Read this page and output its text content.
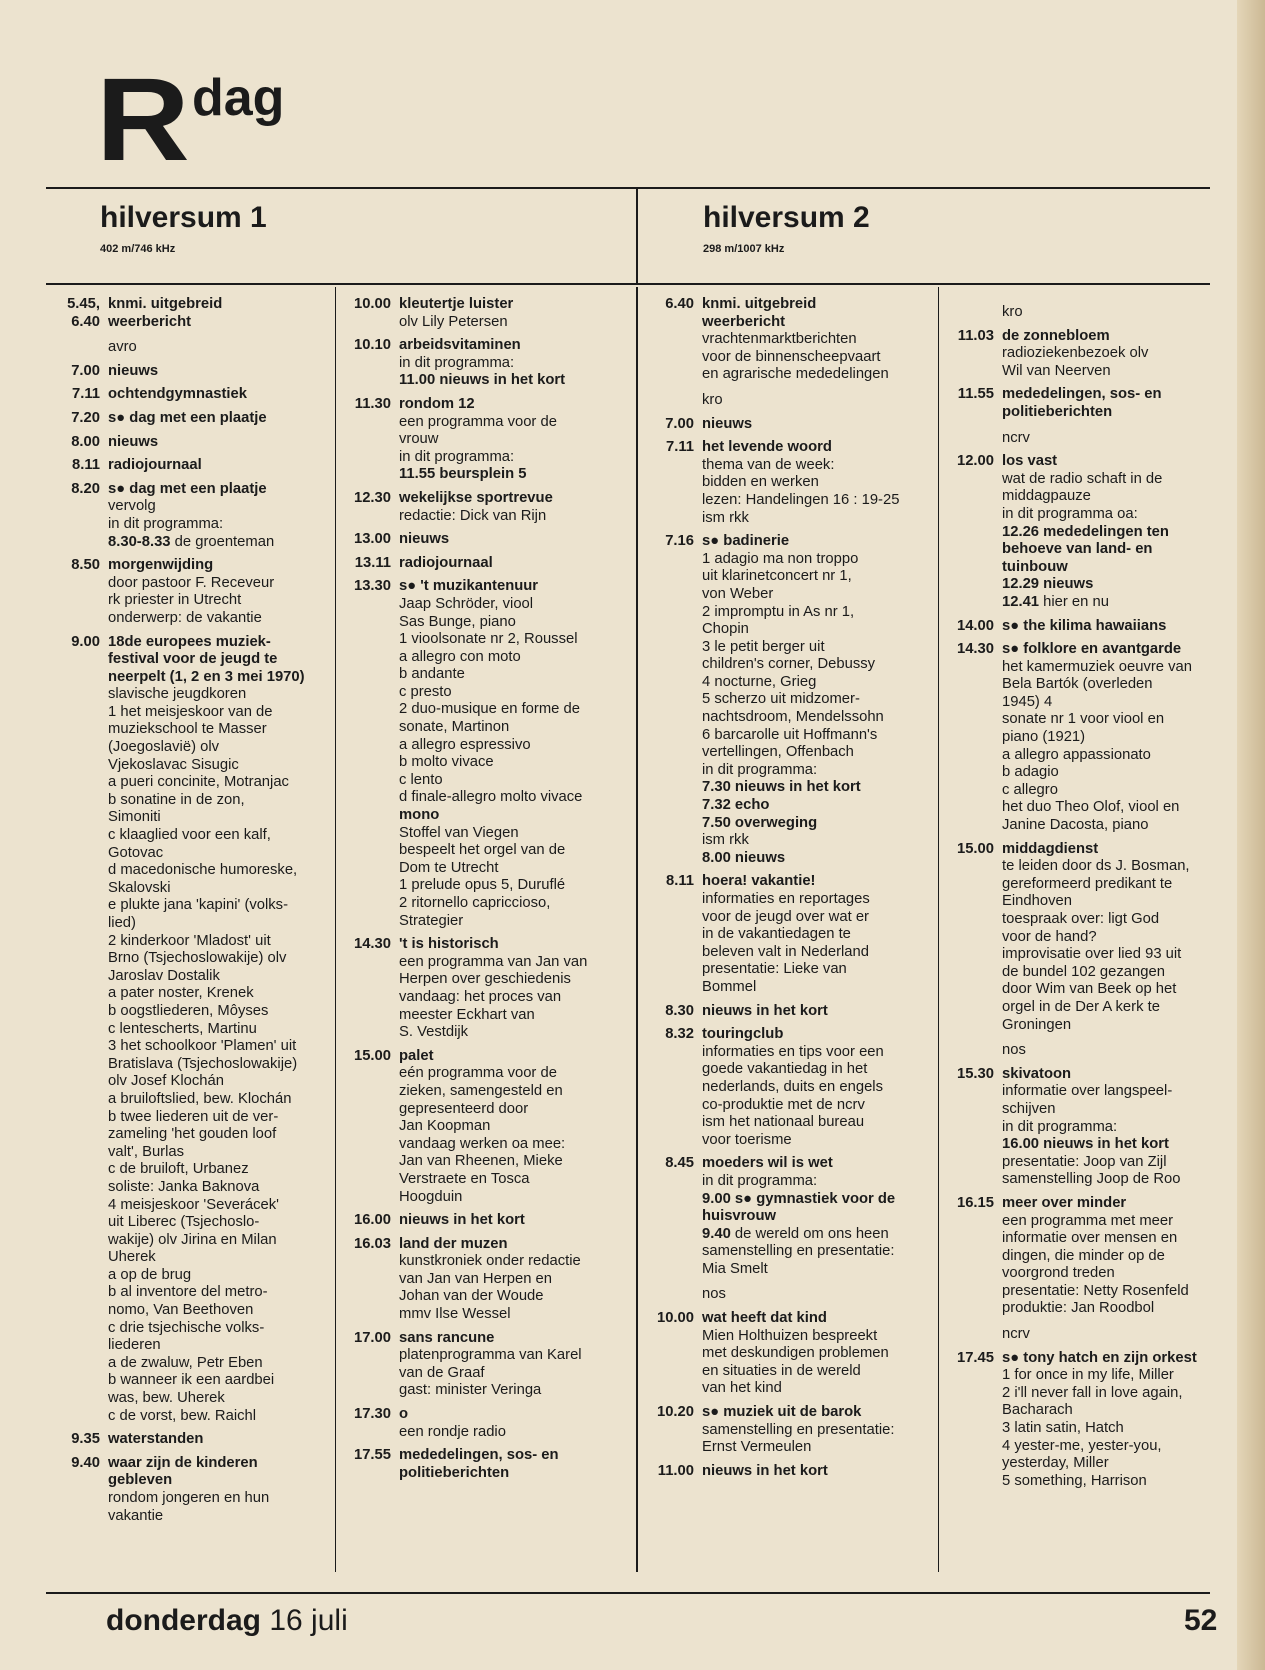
R dag
hilversum 1
402 m/746 kHz
hilversum 2
298 m/1007 kHz
5.45, 6.40
knmi. uitgebreid
weerbericht
avro
7.00 nieuws
7.11 ochtendgymnastiek
7.20 s● dag met een plaatje
8.00 nieuws
8.11 radiojournaal
8.20 s● dag met een plaatje
vervolg
in dit programma:
8.30-8.33 de groenteman
8.50 morgenwijding
door pastoor F. Receveur
rk priester in Utrecht
onderwerp: de vakantie
9.00 18de europees muziek-
festival voor de jeugd te
neerpelt (1, 2 en 3 mei 1970)
slavische jeugdkoren
1 het meisjeskoor van de
muziekschool te Masser
(Joegoslavië) olv
Vjekoslavac Sisugic
a pueri concinite, Motranjac
b sonatine in de zon,
Simoniti
c klaaglied voor een kalf,
Gotovac
d macedonische humoreske,
Skalovski
e plukte jana 'kapini' (volks-
lied)
2 kinderkoor 'Mladost' uit
Brno (Tsjechoslowakije) olv
Jaroslav Dostalik
a pater noster, Krenek
b oogstliederen, Môyses
c lentescherts, Martinu
3 het schoolkoor 'Plamen' uit
Bratislava (Tsjechoslowakije)
olv Josef Klochán
a bruiloftslied, bew. Klochán
b twee liederen uit de ver-
zameling 'het gouden loof
valt', Burlas
c de bruiloft, Urbanez
soliste: Janka Baknova
4 meisjeskoor 'Severácek'
uit Liberec (Tsjechoslo-
wakije) olv Jirina en Milan
Uherek
a op de brug
b al inventore del metro-
nomo, Van Beethoven
c drie tsjechische volks-
liederen
a de zwaluw, Petr Eben
b wanneer ik een aardbei
was, bew. Uherek
c de vorst, bew. Raichl
9.35 waterstanden
9.40 waar zijn de kinderen
gebleven
rondom jongeren en hun
vakantie
10.00 kleutertje luister
olv Lily Petersen
10.10 arbeidsvitaminen
in dit programma:
11.00 nieuws in het kort
11.30 rondom 12
een programma voor de
vrouw
in dit programma:
11.55 beursplein 5
12.30 wekelijkse sportrevue
redactie: Dick van Rijn
13.00 nieuws
13.11 radiojournaal
13.30 s● 't muzikantenuur
Jaap Schröder, viool
Sas Bunge, piano
1 vioolsonate nr 2, Roussel
a allegro con moto
b andante
c presto
2 duo-musique en forme de
sonate, Martinon
a allegro espressivo
b molto vivace
c lento
d finale-allegro molto vivace
mono
Stoffel van Viegen
bespeelt het orgel van de
Dom te Utrecht
1 prelude opus 5, Duruflé
2 ritornello capriccioso,
Strategier
14.30 't is historisch
een programma van Jan van
Herpen over geschiedenis
vandaag: het proces van
meester Eckhart van
S. Vestdijk
15.00 palet
eén programma voor de
zieken, samengesteld en
gepresenteerd door
Jan Koopman
vandaag werken oa mee:
Jan van Rheenen, Mieke
Verstraete en Tosca
Hoogduin
16.00 nieuws in het kort
16.03 land der muzen
kunstkroniek onder redactie
van Jan van Herpen en
Johan van der Woude
mmv Ilse Wessel
17.00 sans rancune
platenprogramma van Karel
van de Graaf
gast: minister Veringa
17.30 o
een rondje radio
17.55 mededelingen, sos- en
politieberichten
6.40 knmi. uitgebreid
weerbericht
vrachtenmarktberichten
voor de binnenscheepvaart
en agrarische mededelingen
kro
7.00 nieuws
7.11 het levende woord
thema van de week:
bidden en werken
lezen: Handelingen 16 : 19-25
ism rkk
7.16 s● badinerie
1 adagio ma non troppo
uit klarinetconcert nr 1,
von Weber
2 impromptu in As nr 1,
Chopin
3 le petit berger uit
children's corner, Debussy
4 nocturne, Grieg
5 scherzo uit midzomer-
nachtsdroom, Mendelssohn
6 barcarolle uit Hoffmann's
vertellingen, Offenbach
in dit programma:
7.30 nieuws in het kort
7.32 echo
7.50 overweging
ism rkk
8.00 nieuws
8.11 hoera! vakantie!
informaties en reportages
voor de jeugd over wat er
in de vakantiedagen te
beleven valt in Nederland
presentatie: Lieke van
Bommel
8.30 nieuws in het kort
8.32 touringclub
informaties en tips voor een
goede vakantiedag in het
nederlands, duits en engels
co-produktie met de ncrv
ism het nationaal bureau
voor toerisme
8.45 moeders wil is wet
in dit programma:
9.00 s● gymnastiek voor de
huisvrouw
9.40 de wereld om ons heen
samenstelling en presentatie:
Mia Smelt
nos
10.00 wat heeft dat kind
Mien Holthuizen bespreekt
met deskundigen problemen
en situaties in de wereld
van het kind
10.20 s● muziek uit de barok
samenstelling en presentatie:
Ernst Vermeulen
11.00 nieuws in het kort
kro
11.03 de zonnebloem
radioziekenbezoek olv
Wil van Neerven
11.55 mededelingen, sos- en
politieberichten
ncrv
12.00 los vast
wat de radio schaft in de
middagpauze
in dit programma oa:
12.26 mededelingen ten
behoeve van land- en
tuinbouw
12.29 nieuws
12.41 hier en nu
14.00 s● the kilima hawaiians
14.30 s● folklore en avantgarde
het kamermuziek oeuvre van
Bela Bartók (overleden
1945) 4
sonate nr 1 voor viool en
piano (1921)
a allegro appassionato
b adagio
c allegro
het duo Theo Olof, viool en
Janine Dacosta, piano
15.00 middagdienst
te leiden door ds J. Bosman,
gereformeerd predikant te
Eindhoven
toespraak over: ligt God
voor de hand?
improvisatie over lied 93 uit
de bundel 102 gezangen
door Wim van Beek op het
orgel in de Der A kerk te
Groningen
nos
15.30 skivatoon
informatie over langspeel-
schijven
in dit programma:
16.00 nieuws in het kort
presentatie: Joop van Zijl
samenstelling Joop de Roo
16.15 meer over minder
een programma met meer
informatie over mensen en
dingen, die minder op de
voorgrond treden
presentatie: Netty Rosenfeld
produktie: Jan Roodbol
ncrv
17.45 s● tony hatch en zijn orkest
1 for once in my life, Miller
2 i'll never fall in love again,
Bacharach
3 latin satin, Hatch
4 yester-me, yester-you,
yesterday, Miller
5 something, Harrison
donderdag 16 juli	52
